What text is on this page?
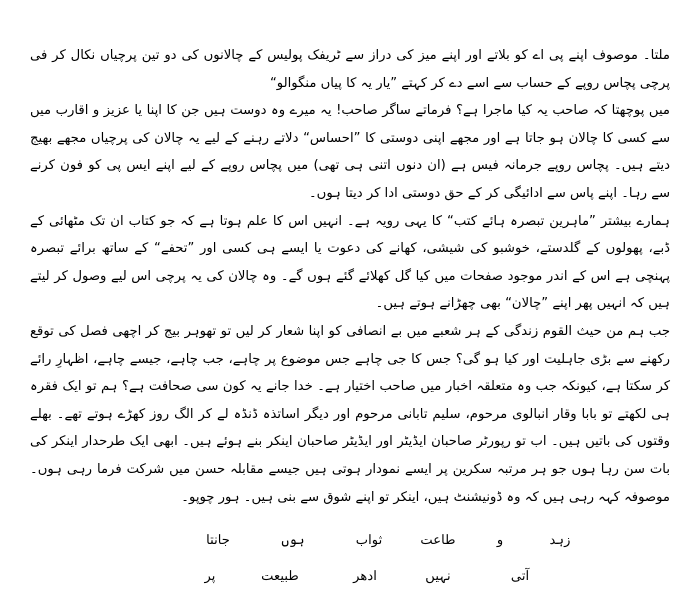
ملتا۔ موصوف اپنے پی اے کو بلاتے اور اپنے میز کی دراز سے ٹریفک پولیس کے چالانوں کی دو تین پرچیاں نکال کر فی پرچی پچاس روپے کے حساب سے اسے دے کر کہتے ”یار یہ کا پیاں منگوالو“

میں پوچھتا کہ صاحب یہ کیا ماجرا ہے؟ فرماتے ساگر صاحب! یہ میرے وہ دوست ہیں جن کا اپنا یا عزیز و اقارب میں سے کسی کا چالان ہو جاتا ہے اور مجھے اپنی دوستی کا ”احساس“ دلاتے رہنے کے لیے یہ چالان کی پرچیاں مجھے بھیج دیتے ہیں۔ پچاس روپے جرمانہ فیس ہے (ان دنوں اتنی ہی تھی) میں پچاس روپے کے لیے اپنے ایس پی کو فون کرنے سے رہا۔ اپنے پاس سے ادائیگی کر کے حق دوستی ادا کر دیتا ہوں۔

ہمارے بیشتر ”ماہرین تبصرہ ہائے کتب“ کا یہی رویہ ہے۔ انہیں اس کا علم ہوتا ہے کہ جو کتاب ان تک مٹھائی کے ڈبے، پھولوں کے گلدستے، خوشبو کی شیشی، کھانے کی دعوت یا ایسے ہی کسی اور ”تحفے“ کے ساتھ برائے تبصرہ پہنچی ہے اس کے اندر موجود صفحات میں کیا گل کھلائے گئے ہوں گے۔ وہ چالان کی یہ پرچی اس لیے وصول کر لیتے ہیں کہ انہیں پھر اپنے ”چالان“ بھی چھڑانے ہوتے ہیں۔

جب ہم من حیث القوم زندگی کے ہر شعبے میں بے انصافی کو اپنا شعار کر لیں تو تھوہر بیج کر اچھی فصل کی توقع رکھنے سے بڑی جاہلیت اور کیا ہو گی؟ جس کا جی چاہے جس موضوع پر چاہے، جب چاہے، جیسے چاہے، اظہارِ رائے کر سکتا ہے، کیونکہ جب وہ متعلقہ اخبار میں صاحب اختیار ہے۔ خدا جانے یہ کون سی صحافت ہے؟ ہم تو ایک فقرہ ہی لکھتے تو بابا وقار انبالوی مرحوم، سلیم تابانی مرحوم اور دیگر اساتذہ ڈنڈہ لے کر الگ روز کھڑے ہوتے تھے۔ بھلے وقتوں کی باتیں ہیں۔ اب تو رپورٹر صاحبان ایڈیٹر اور ایڈیٹر صاحبان اینکر بنے ہوئے ہیں۔ ابھی ایک طرحدار اینکر کی بات سن رہا ہوں جو ہر مرتبہ سکرین پر ایسے نمودار ہوتی ہیں جیسے مقابلہ حسن میں شرکت فرما رہی ہوں۔ موصوفہ کہہ رہی ہیں کہ وہ ڈونیشنٹ ہیں، اینکر تو اپنے شوق سے بنی ہیں۔ ہور چوپو۔

جانتا	ہوں	ثواب	طاعت	و	زہد
پر	طبیعت	ادھر	نہیں	آتی
